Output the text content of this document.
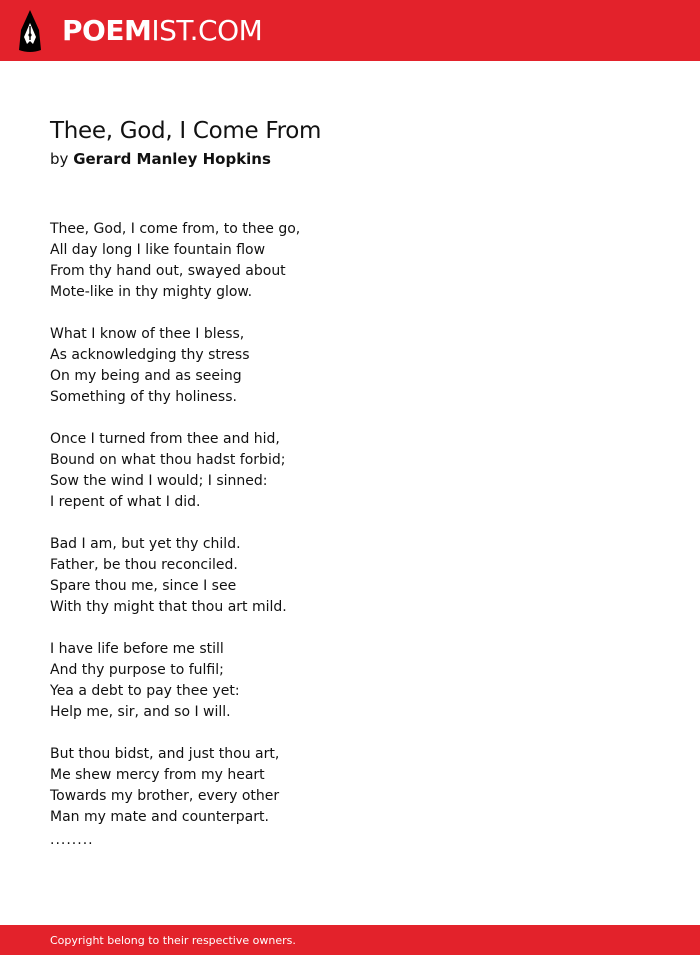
POEMIST.COM
Thee, God, I Come From
by Gerard Manley Hopkins
Thee, God, I come from, to thee go,
All day long I like fountain flow
From thy hand out, swayed about
Mote-like in thy mighty glow.
What I know of thee I bless,
As acknowledging thy stress
On my being and as seeing
Something of thy holiness.
Once I turned from thee and hid,
Bound on what thou hadst forbid;
Sow the wind I would; I sinned:
I repent of what I did.
Bad I am, but yet thy child.
Father, be thou reconciled.
Spare thou me, since I see
With thy might that thou art mild.
I have life before me still
And thy purpose to fulfil;
Yea a debt to pay thee yet:
Help me, sir, and so I will.
But thou bidst, and just thou art,
Me shew mercy from my heart
Towards my brother, every other
Man my mate and counterpart.
........
Copyright belong to their respective owners.
